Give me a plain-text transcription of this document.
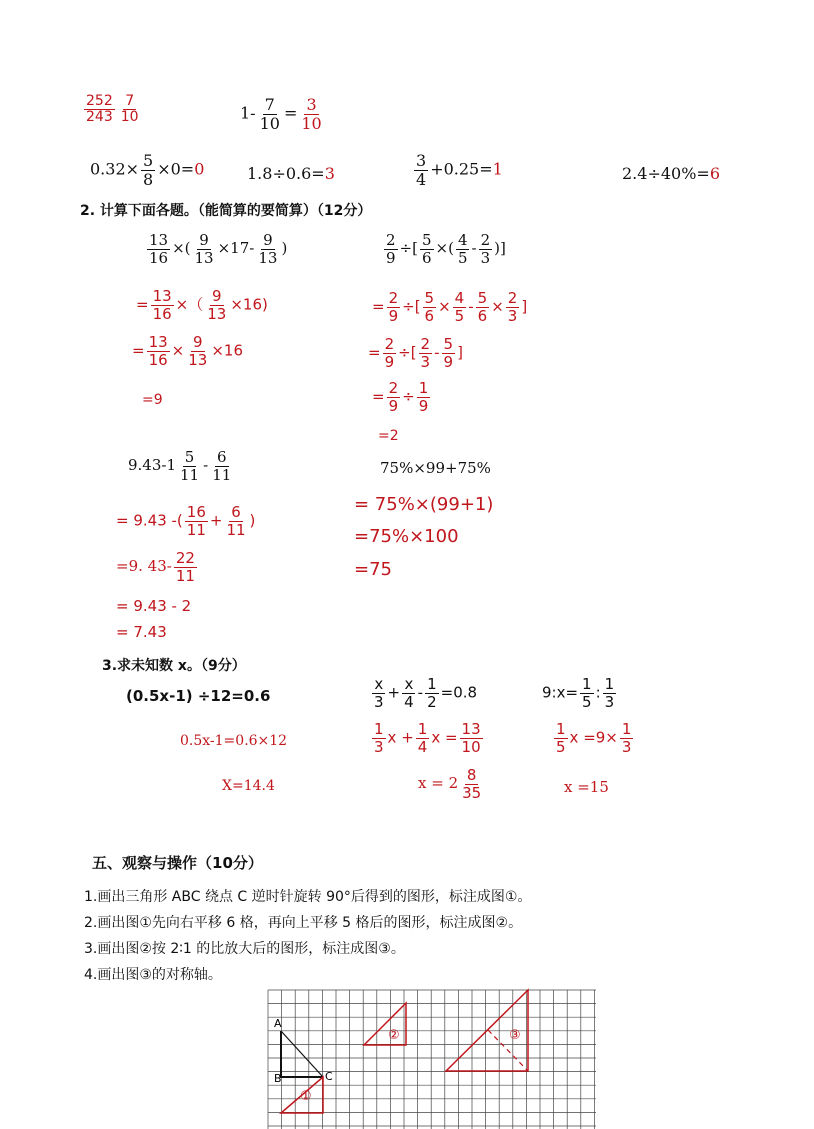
$\frac{252}{243} \frac{7}{10}$	$1- \frac{7}{10} = \frac{3}{10}$
$0.32\times \frac{5}{8} \times 0=0$	1.8÷0.6=3	$\frac{3}{4} +0.25=1$	2.4÷40%=6
2. 计算下面各题。（能简算的要简算）（12分）
$\frac{13}{16}$ ×( $\frac{9}{13} \times 17- \frac{9}{13}$ )
= $\frac{13}{16}$ ×（ $\frac{9}{13} \times 16$)
= $\frac{13}{16} \times \frac{9}{13} \times 16$
=9
$\frac{2}{9}$ ÷[ $\frac{5}{6}$ ×( $\frac{4}{5} - \frac{2}{3}$ )]
= $\frac{2}{9}$ ÷[ $\frac{5}{6} \times \frac{4}{5} - \frac{5}{6} \times \frac{2}{3}$ ]
= $\frac{2}{9}$ ÷[ $\frac{2}{3} - \frac{5}{9}$ ]
= $\frac{2}{9} \div \frac{1}{9}$
=2
$9.43-1 \frac{5}{11} - \frac{6}{11}$
= 9.43 -( $\frac{16}{11} + \frac{6}{11}$ )
=9. $43- \frac{22}{11}$
= 9.43 - 2
= 7.43
75%×99+75%
= 75%×(99+1)
=75%×100
=75
3.求未知数 x。（9分）
(0.5x-1) ÷12=0.6
0.5x-1=0.6×12
X=14.4
$\frac{x}{3} + \frac{x}{4} - \frac{1}{2} =0.8$
$\frac{1}{3}$ $x + \frac{1}{4}$ $x = \frac{13}{10}$
$x = 2 \frac{8}{35}$
9:x= $\frac{1}{5}$ : $\frac{1}{3}$
$\frac{1}{5}$ $x =9\times \frac{1}{3}$
x =15
五、观察与操作（10分）
1.画出三角形 ABC 绕点 C 逆时针旋转 90°后得到的图形，标注成图①。
2.画出图①先向右平移 6 格，再向上平移 5 格后的图形，标注成图②。
3.画出图②按 2∶1 的比放大后的图形，标注成图③。
4.画出图③的对称轴。
A
B	C
①
②	③
